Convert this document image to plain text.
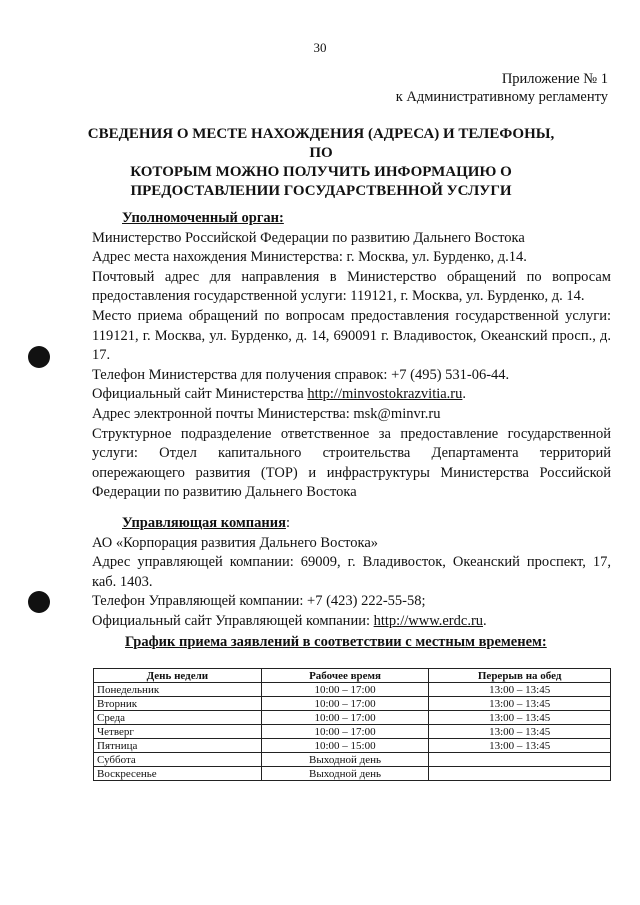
30
Приложение № 1
к Административному регламенту
СВЕДЕНИЯ О МЕСТЕ НАХОЖДЕНИЯ (АДРЕСА) И ТЕЛЕФОНЫ, ПО
КОТОРЫМ МОЖНО ПОЛУЧИТЬ ИНФОРМАЦИЮ О
ПРЕДОСТАВЛЕНИИ ГОСУДАРСТВЕННОЙ УСЛУГИ
Уполномоченный орган:
Министерство Российской Федерации по развитию Дальнего Востока
Адрес места нахождения Министерства: г. Москва, ул. Бурденко, д.14.
Почтовый адрес для направления в Министерство обращений по вопросам предоставления государственной услуги: 119121, г. Москва, ул. Бурденко, д. 14.
Место приема обращений по вопросам предоставления государственной услуги: 119121, г. Москва, ул. Бурденко, д. 14, 690091 г. Владивосток, Океанский просп., д. 17.
Телефон Министерства для получения справок: +7 (495) 531-06-44.
Официальный сайт Министерства http://minvostokrazvitia.ru.
Адрес электронной почты Министерства: msk@minvr.ru
Структурное подразделение ответственное за предоставление государственной услуги: Отдел капитального строительства Департамента территорий опережающего развития (ТОР) и инфраструктуры Министерства Российской Федерации по развитию Дальнего Востока
Управляющая компания:
АО «Корпорация развития Дальнего Востока»
Адрес управляющей компании: 69009, г. Владивосток, Океанский проспект, 17, каб. 1403.
Телефон Управляющей компании: +7 (423) 222-55-58;
Официальный сайт Управляющей компании: http://www.erdc.ru.
График приема заявлений в соответствии с местным временем:
День недели	Рабочее время	Перерыв на обед
Понедельник	10:00 – 17:00	13:00 – 13:45
Вторник	10:00 – 17:00	13:00 – 13:45
Среда	10:00 – 17:00	13:00 – 13:45
Четверг	10:00 – 17:00	13:00 – 13:45
Пятница	10:00 – 15:00	13:00 – 13:45
Суббота	Выходной день	
Воскресенье	Выходной день	
